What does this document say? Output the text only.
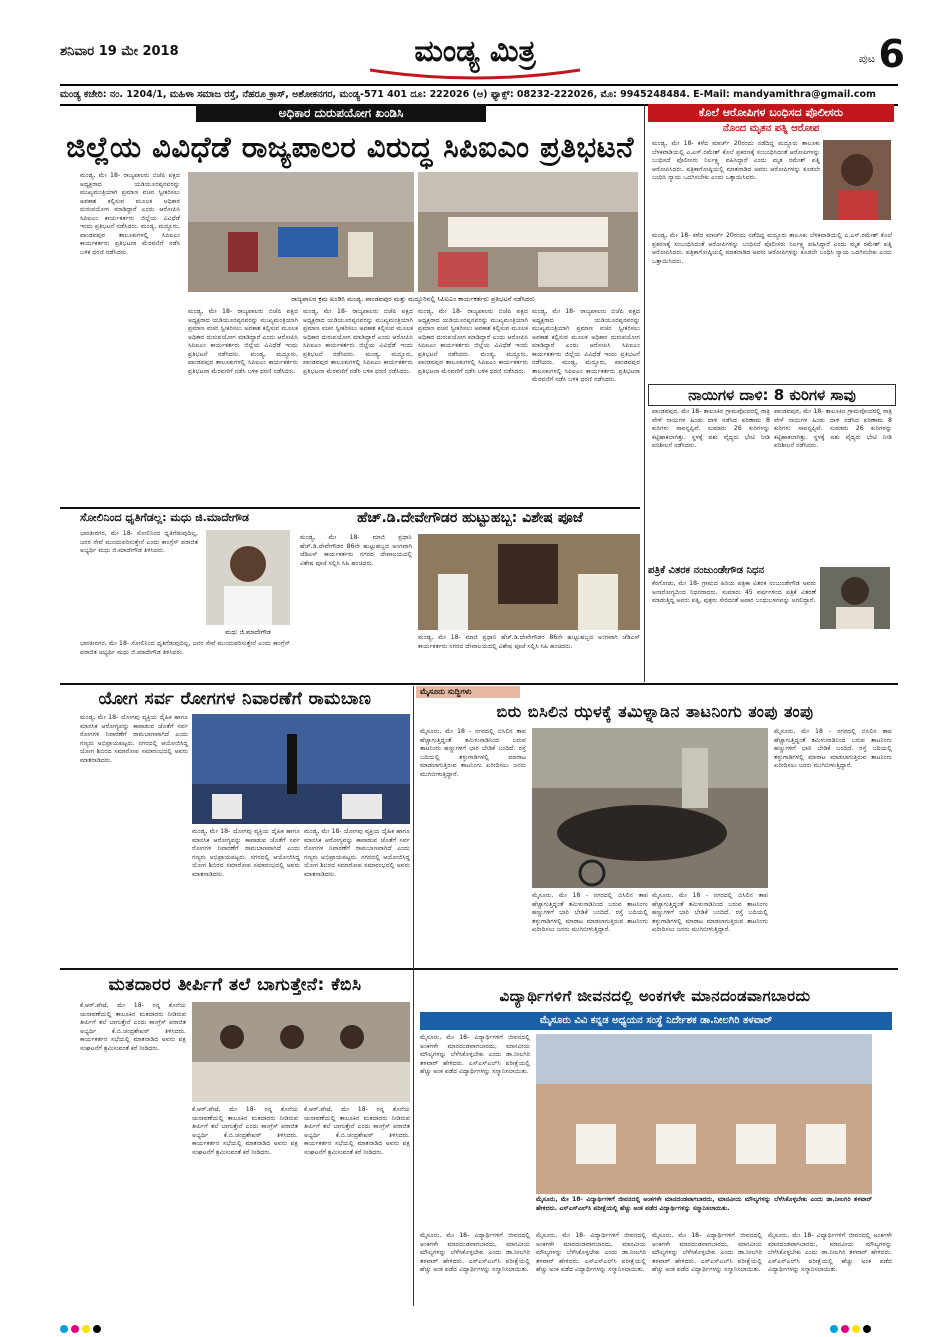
ಶನಿವಾರ 19 ಮೇ 2018	ಮಂಡ್ಯ ಮಿತ್ರ	ಪುಟ 6
ಮಂಡ್ಯ ಕಚೇರಿ: ನಂ. 1204/1, ಮಹಿಳಾ ಸಮಾಜ ರಸ್ತೆ, ನೆಹರೂ ಕ್ರಾಸ್, ಅಶೋಕನಗರ, ಮಂಡ್ಯ-571 401 ದೂ: 222026 (ಆ) ಫ್ಯಾಕ್ಸ್: 08232-222026, ಮೊ: 9945248484. E-Mail: mandyamithra@gmail.com
ಅಧಿಕಾರ ದುರುಪಯೋಗ ಖಂಡಿಸಿ
ಜಿಲ್ಲೆಯ ವಿವಿಧೆಡೆ ರಾಜ್ಯಪಾಲರ ವಿರುದ್ಧ ಸಿಪಿಐಎಂ ಪ್ರತಿಭಟನೆ
ಮಂಡ್ಯ, ಮೇ 18- ರಾಜ್ಯಪಾಲರು ಬಿಜೆಪಿ ಪಕ್ಷದ ಅಧ್ಯಕ್ಷರಾದ ಯಡಿಯೂರಪ್ಪನವರನ್ನು ಮುಖ್ಯಮಂತ್ರಿಯಾಗಿ ಪ್ರಮಾಣ ವಚನ ಸ್ವೀಕರಿಸಲು ಅವಕಾಶ ಕಲ್ಪಿಸುವ ಮೂಲಕ ಅಧಿಕಾರ ದುರುಪಯೋಗ ಮಾಡಿದ್ದಾರೆ ಎಂದು ಆರೋಪಿಸಿ ಸಿಪಿಐಎಂ ಕಾರ್ಯಕರ್ತರು ಜಿಲ್ಲೆಯ ವಿವಿಧೆಡೆ ಇಂದು ಪ್ರತಿಭಟನೆ ನಡೆಸಿದರು. ಮಂಡ್ಯ, ಮದ್ದೂರು, ಪಾಂಡವಪುರ ತಾಲೂಕುಗಳಲ್ಲಿ ಸಿಪಿಐಎಂ ಕಾರ್ಯಕರ್ತರು ಪ್ರತಿಭಟನಾ ಮೆರವಣಿಗೆ ನಡೆಸಿ ಬಳಿಕ ಧರಣಿ ನಡೆಸಿದರು.
ರಾಜ್ಯಪಾಲರ ಕ್ರಮ ಖಂಡಿಸಿ ಮಂಡ್ಯ, ಪಾಂಡವಪುರ ಮತ್ತು ಮದ್ದೂರಿನಲ್ಲಿ ಸಿಪಿಐಎಂ ಕಾರ್ಯಕರ್ತರು ಪ್ರತಿಭಟನೆ ನಡೆಸಿದರು
ಮಂಡ್ಯ, ಮೇ 18- ರಾಜ್ಯಪಾಲರು ಬಿಜೆಪಿ ಪಕ್ಷದ ಅಧ್ಯಕ್ಷರಾದ ಯಡಿಯೂರಪ್ಪನವರನ್ನು ಮುಖ್ಯಮಂತ್ರಿಯಾಗಿ ಪ್ರಮಾಣ ವಚನ ಸ್ವೀಕರಿಸಲು ಅವಕಾಶ ಕಲ್ಪಿಸುವ ಮೂಲಕ ಅಧಿಕಾರ ದುರುಪಯೋಗ ಮಾಡಿದ್ದಾರೆ ಎಂದು ಆರೋಪಿಸಿ ಸಿಪಿಐಎಂ ಕಾರ್ಯಕರ್ತರು ಜಿಲ್ಲೆಯ ವಿವಿಧೆಡೆ ಇಂದು ಪ್ರತಿಭಟನೆ ನಡೆಸಿದರು. ಮಂಡ್ಯ, ಮದ್ದೂರು, ಪಾಂಡವಪುರ ತಾಲೂಕುಗಳಲ್ಲಿ ಸಿಪಿಐಎಂ ಕಾರ್ಯಕರ್ತರು ಪ್ರತಿಭಟನಾ ಮೆರವಣಿಗೆ ನಡೆಸಿ ಬಳಿಕ ಧರಣಿ ನಡೆಸಿದರು.
ಮಂಡ್ಯ, ಮೇ 18- ರಾಜ್ಯಪಾಲರು ಬಿಜೆಪಿ ಪಕ್ಷದ ಅಧ್ಯಕ್ಷರಾದ ಯಡಿಯೂರಪ್ಪನವರನ್ನು ಮುಖ್ಯಮಂತ್ರಿಯಾಗಿ ಪ್ರಮಾಣ ವಚನ ಸ್ವೀಕರಿಸಲು ಅವಕಾಶ ಕಲ್ಪಿಸುವ ಮೂಲಕ ಅಧಿಕಾರ ದುರುಪಯೋಗ ಮಾಡಿದ್ದಾರೆ ಎಂದು ಆರೋಪಿಸಿ ಸಿಪಿಐಎಂ ಕಾರ್ಯಕರ್ತರು ಜಿಲ್ಲೆಯ ವಿವಿಧೆಡೆ ಇಂದು ಪ್ರತಿಭಟನೆ ನಡೆಸಿದರು. ಮಂಡ್ಯ, ಮದ್ದೂರು, ಪಾಂಡವಪುರ ತಾಲೂಕುಗಳಲ್ಲಿ ಸಿಪಿಐಎಂ ಕಾರ್ಯಕರ್ತರು ಪ್ರತಿಭಟನಾ ಮೆರವಣಿಗೆ ನಡೆಸಿ ಬಳಿಕ ಧರಣಿ ನಡೆಸಿದರು.
ಮಂಡ್ಯ, ಮೇ 18- ರಾಜ್ಯಪಾಲರು ಬಿಜೆಪಿ ಪಕ್ಷದ ಅಧ್ಯಕ್ಷರಾದ ಯಡಿಯೂರಪ್ಪನವರನ್ನು ಮುಖ್ಯಮಂತ್ರಿಯಾಗಿ ಪ್ರಮಾಣ ವಚನ ಸ್ವೀಕರಿಸಲು ಅವಕಾಶ ಕಲ್ಪಿಸುವ ಮೂಲಕ ಅಧಿಕಾರ ದುರುಪಯೋಗ ಮಾಡಿದ್ದಾರೆ ಎಂದು ಆರೋಪಿಸಿ ಸಿಪಿಐಎಂ ಕಾರ್ಯಕರ್ತರು ಜಿಲ್ಲೆಯ ವಿವಿಧೆಡೆ ಇಂದು ಪ್ರತಿಭಟನೆ ನಡೆಸಿದರು. ಮಂಡ್ಯ, ಮದ್ದೂರು, ಪಾಂಡವಪುರ ತಾಲೂಕುಗಳಲ್ಲಿ ಸಿಪಿಐಎಂ ಕಾರ್ಯಕರ್ತರು ಪ್ರತಿಭಟನಾ ಮೆರವಣಿಗೆ ನಡೆಸಿ ಬಳಿಕ ಧರಣಿ ನಡೆಸಿದರು.
ಮಂಡ್ಯ, ಮೇ 18- ರಾಜ್ಯಪಾಲರು ಬಿಜೆಪಿ ಪಕ್ಷದ ಅಧ್ಯಕ್ಷರಾದ ಯಡಿಯೂರಪ್ಪನವರನ್ನು ಮುಖ್ಯಮಂತ್ರಿಯಾಗಿ ಪ್ರಮಾಣ ವಚನ ಸ್ವೀಕರಿಸಲು ಅವಕಾಶ ಕಲ್ಪಿಸುವ ಮೂಲಕ ಅಧಿಕಾರ ದುರುಪಯೋಗ ಮಾಡಿದ್ದಾರೆ ಎಂದು ಆರೋಪಿಸಿ ಸಿಪಿಐಎಂ ಕಾರ್ಯಕರ್ತರು ಜಿಲ್ಲೆಯ ವಿವಿಧೆಡೆ ಇಂದು ಪ್ರತಿಭಟನೆ ನಡೆಸಿದರು. ಮಂಡ್ಯ, ಮದ್ದೂರು, ಪಾಂಡವಪುರ ತಾಲೂಕುಗಳಲ್ಲಿ ಸಿಪಿಐಎಂ ಕಾರ್ಯಕರ್ತರು ಪ್ರತಿಭಟನಾ ಮೆರವಣಿಗೆ ನಡೆಸಿ ಬಳಿಕ ಧರಣಿ ನಡೆಸಿದರು.
ಕೊಲೆ ಆರೋಪಿಗಳ ಬಂಧಿಸದ ಪೊಲೀಸರು
ನೊಂದ ಮೃತನ ಪತ್ನಿ ಆರೋಪ
ಮಂಡ್ಯ, ಮೇ 18- ಕಳೆದ ಮಾರ್ಚ್ 20ರಂದು ನಡೆದಿದ್ದ ಮದ್ದೂರು ತಾಲೂಕು ಬೆಳಕವಾಡಿಯಲ್ಲಿ ಎ.ಎಸ್.ರಮೇಶ್ ಕೊಲೆ ಪ್ರಕರಣಕ್ಕೆ ಸಂಬಂಧಿಸಿದಂತೆ ಆರೋಪಿಗಳನ್ನು ಬಂಧಿಸದೆ ಪೊಲೀಸರು ನಿರ್ಲಕ್ಷ್ಯ ವಹಿಸಿದ್ದಾರೆ ಎಂದು ಮೃತ ರಮೇಶ್ ಪತ್ನಿ ಆರೋಪಿಸಿದರು. ಪತ್ರಿಕಾಗೋಷ್ಠಿಯಲ್ಲಿ ಮಾತನಾಡಿದ ಅವರು ಆರೋಪಿಗಳನ್ನು ಕೂಡಲೇ ಬಂಧಿಸಿ ನ್ಯಾಯ ಒದಗಿಸಬೇಕು ಎಂದು ಒತ್ತಾಯಿಸಿದರು.
ಮಂಡ್ಯ, ಮೇ 18- ಕಳೆದ ಮಾರ್ಚ್ 20ರಂದು ನಡೆದಿದ್ದ ಮದ್ದೂರು ತಾಲೂಕು ಬೆಳಕವಾಡಿಯಲ್ಲಿ ಎ.ಎಸ್.ರಮೇಶ್ ಕೊಲೆ ಪ್ರಕರಣಕ್ಕೆ ಸಂಬಂಧಿಸಿದಂತೆ ಆರೋಪಿಗಳನ್ನು ಬಂಧಿಸದೆ ಪೊಲೀಸರು ನಿರ್ಲಕ್ಷ್ಯ ವಹಿಸಿದ್ದಾರೆ ಎಂದು ಮೃತ ರಮೇಶ್ ಪತ್ನಿ ಆರೋಪಿಸಿದರು. ಪತ್ರಿಕಾಗೋಷ್ಠಿಯಲ್ಲಿ ಮಾತನಾಡಿದ ಅವರು ಆರೋಪಿಗಳನ್ನು ಕೂಡಲೇ ಬಂಧಿಸಿ ನ್ಯಾಯ ಒದಗಿಸಬೇಕು ಎಂದು ಒತ್ತಾಯಿಸಿದರು.
ನಾಯಿಗಳ ದಾಳಿ: 8 ಕುರಿಗಳ ಸಾವು
ಪಾಂಡವಪುರ, ಮೇ 18- ತಾಲೂಕಿನ ಗ್ರಾಮವೊಂದರಲ್ಲಿ ರಾತ್ರಿ ವೇಳೆ ನಾಯಿಗಳ ಹಿಂಡು ದಾಳಿ ನಡೆಸಿದ ಪರಿಣಾಮ 8 ಕುರಿಗಳು ಸಾವನ್ನಪ್ಪಿವೆ. ಸುಮಾರು 26 ಕುರಿಗಳನ್ನು ಕಟ್ಟಿಹಾಕಲಾಗಿತ್ತು. ಸ್ಥಳಕ್ಕೆ ಪಶು ವೈದ್ಯರು ಭೇಟಿ ನೀಡಿ ಪರಿಶೀಲನೆ ನಡೆಸಿದರು.
ಪಾಂಡವಪುರ, ಮೇ 18- ತಾಲೂಕಿನ ಗ್ರಾಮವೊಂದರಲ್ಲಿ ರಾತ್ರಿ ವೇಳೆ ನಾಯಿಗಳ ಹಿಂಡು ದಾಳಿ ನಡೆಸಿದ ಪರಿಣಾಮ 8 ಕುರಿಗಳು ಸಾವನ್ನಪ್ಪಿವೆ. ಸುಮಾರು 26 ಕುರಿಗಳನ್ನು ಕಟ್ಟಿಹಾಕಲಾಗಿತ್ತು. ಸ್ಥಳಕ್ಕೆ ಪಶು ವೈದ್ಯರು ಭೇಟಿ ನೀಡಿ ಪರಿಶೀಲನೆ ನಡೆಸಿದರು.
ಪತ್ರಿಕೆ ವಿತರಕ ನಂಜುಂಡೇಗೌಡ ನಿಧನ
ಕೆರಗೋಡು, ಮೇ 18- ಗ್ರಾಮದ ಹಿರಿಯ ಪತ್ರಿಕಾ ವಿತರಕ ನಂಜುಂಡೇಗೌಡ ಅವರು ಅನಾರೋಗ್ಯದಿಂದ ನಿಧನರಾದರು. ಸುಮಾರು 45 ವರ್ಷಗಳಿಂದ ಪತ್ರಿಕೆ ವಿತರಣೆ ಮಾಡುತ್ತಿದ್ದ ಅವರು ಪತ್ನಿ, ಪುತ್ರರು ಸೇರಿದಂತೆ ಅಪಾರ ಬಂಧುಬಳಗವನ್ನು ಅಗಲಿದ್ದಾರೆ.
ಸೋಲಿನಿಂದ ಧೃತಿಗೆಡಲ್ಲ: ಮಧು ಜಿ.ಮಾದೇಗೌಡ
ಭಾರತೀನಗರ, ಮೇ 18- ಸೋಲಿನಿಂದ ಧೃತಿಗೆಡುವುದಿಲ್ಲ, ಜನರ ಸೇವೆ ಮುಂದುವರಿಸುತ್ತೇನೆ ಎಂದು ಕಾಂಗ್ರೆಸ್ ಪರಾಜಿತ ಅಭ್ಯರ್ಥಿ ಮಧು ಜಿ.ಮಾದೇಗೌಡ ತಿಳಿಸಿದರು.
ಮಧು ಜಿ.ಮಾದೇಗೌಡ
ಭಾರತೀನಗರ, ಮೇ 18- ಸೋಲಿನಿಂದ ಧೃತಿಗೆಡುವುದಿಲ್ಲ, ಜನರ ಸೇವೆ ಮುಂದುವರಿಸುತ್ತೇನೆ ಎಂದು ಕಾಂಗ್ರೆಸ್ ಪರಾಜಿತ ಅಭ್ಯರ್ಥಿ ಮಧು ಜಿ.ಮಾದೇಗೌಡ ತಿಳಿಸಿದರು.
ಹೆಚ್.ಡಿ.ದೇವೇಗೌಡರ ಹುಟ್ಟುಹಬ್ಬ: ವಿಶೇಷ ಪೂಜೆ
ಮಂಡ್ಯ, ಮೇ 18- ಮಾಜಿ ಪ್ರಧಾನಿ ಹೆಚ್.ಡಿ.ದೇವೇಗೌಡರ 86ನೇ ಹುಟ್ಟುಹಬ್ಬದ ಅಂಗವಾಗಿ ಜೆಡಿಎಸ್ ಕಾರ್ಯಕರ್ತರು ನಗರದ ದೇವಾಲಯದಲ್ಲಿ ವಿಶೇಷ ಪೂಜೆ ಸಲ್ಲಿಸಿ ಸಿಹಿ ಹಂಚಿದರು.
ಮಂಡ್ಯ, ಮೇ 18- ಮಾಜಿ ಪ್ರಧಾನಿ ಹೆಚ್.ಡಿ.ದೇವೇಗೌಡರ 86ನೇ ಹುಟ್ಟುಹಬ್ಬದ ಅಂಗವಾಗಿ ಜೆಡಿಎಸ್ ಕಾರ್ಯಕರ್ತರು ನಗರದ ದೇವಾಲಯದಲ್ಲಿ ವಿಶೇಷ ಪೂಜೆ ಸಲ್ಲಿಸಿ ಸಿಹಿ ಹಂಚಿದರು.
ಯೋಗ ಸರ್ವ ರೋಗಗಳ ನಿವಾರಣೆಗೆ ರಾಮಬಾಣ
ಮಂಡ್ಯ, ಮೇ 18- ಯೋಗವು ವ್ಯಕ್ತಿಯ ದೈಹಿಕ ಹಾಗೂ ಮಾನಸಿಕ ಆರೋಗ್ಯವನ್ನು ಕಾಪಾಡುವ ಜೊತೆಗೆ ಸರ್ವ ರೋಗಗಳ ನಿವಾರಣೆಗೆ ರಾಮಬಾಣವಾಗಿದೆ ಎಂದು ಗಣ್ಯರು ಅಭಿಪ್ರಾಯಪಟ್ಟರು. ನಗರದಲ್ಲಿ ಆಯೋಜಿಸಿದ್ದ ಯೋಗ ಶಿಬಿರದ ಸಮಾರೋಪ ಸಮಾರಂಭದಲ್ಲಿ ಅವರು ಮಾತನಾಡಿದರು.
ಮಂಡ್ಯ, ಮೇ 18- ಯೋಗವು ವ್ಯಕ್ತಿಯ ದೈಹಿಕ ಹಾಗೂ ಮಾನಸಿಕ ಆರೋಗ್ಯವನ್ನು ಕಾಪಾಡುವ ಜೊತೆಗೆ ಸರ್ವ ರೋಗಗಳ ನಿವಾರಣೆಗೆ ರಾಮಬಾಣವಾಗಿದೆ ಎಂದು ಗಣ್ಯರು ಅಭಿಪ್ರಾಯಪಟ್ಟರು. ನಗರದಲ್ಲಿ ಆಯೋಜಿಸಿದ್ದ ಯೋಗ ಶಿಬಿರದ ಸಮಾರೋಪ ಸಮಾರಂಭದಲ್ಲಿ ಅವರು ಮಾತನಾಡಿದರು.
ಮಂಡ್ಯ, ಮೇ 18- ಯೋಗವು ವ್ಯಕ್ತಿಯ ದೈಹಿಕ ಹಾಗೂ ಮಾನಸಿಕ ಆರೋಗ್ಯವನ್ನು ಕಾಪಾಡುವ ಜೊತೆಗೆ ಸರ್ವ ರೋಗಗಳ ನಿವಾರಣೆಗೆ ರಾಮಬಾಣವಾಗಿದೆ ಎಂದು ಗಣ್ಯರು ಅಭಿಪ್ರಾಯಪಟ್ಟರು. ನಗರದಲ್ಲಿ ಆಯೋಜಿಸಿದ್ದ ಯೋಗ ಶಿಬಿರದ ಸಮಾರೋಪ ಸಮಾರಂಭದಲ್ಲಿ ಅವರು ಮಾತನಾಡಿದರು.
ಮೈಸೂರು ಸುದ್ದಿಗಳು
ಬಿರು ಬಿಸಿಲಿನ ಝಳಕ್ಕೆ ತಮಿಳ್ನಾಡಿನ ತಾಟನಿಂಗು ತಂಪು ತಂಪು
ಮೈಸೂರು, ಮೇ 18 - ನಗರದಲ್ಲಿ ಬಿಸಿಲಿನ ತಾಪ ಹೆಚ್ಚಾಗುತ್ತಿದ್ದಂತೆ ತಮಿಳುನಾಡಿನಿಂದ ಬರುವ ತಾಟನಿಂಗು ಹಣ್ಣುಗಳಿಗೆ ಭಾರಿ ಬೇಡಿಕೆ ಬಂದಿದೆ. ರಸ್ತೆ ಬದಿಯಲ್ಲಿ ತಳ್ಳುಗಾಡಿಗಳಲ್ಲಿ ಮಾರಾಟ ಮಾಡಲಾಗುತ್ತಿರುವ ತಾಟನಿಂಗು ಖರೀದಿಸಲು ಜನರು ಮುಗಿಬೀಳುತ್ತಿದ್ದಾರೆ.
ಮೈಸೂರು, ಮೇ 18 - ನಗರದಲ್ಲಿ ಬಿಸಿಲಿನ ತಾಪ ಹೆಚ್ಚಾಗುತ್ತಿದ್ದಂತೆ ತಮಿಳುನಾಡಿನಿಂದ ಬರುವ ತಾಟನಿಂಗು ಹಣ್ಣುಗಳಿಗೆ ಭಾರಿ ಬೇಡಿಕೆ ಬಂದಿದೆ. ರಸ್ತೆ ಬದಿಯಲ್ಲಿ ತಳ್ಳುಗಾಡಿಗಳಲ್ಲಿ ಮಾರಾಟ ಮಾಡಲಾಗುತ್ತಿರುವ ತಾಟನಿಂಗು ಖರೀದಿಸಲು ಜನರು ಮುಗಿಬೀಳುತ್ತಿದ್ದಾರೆ.
ಮೈಸೂರು, ಮೇ 18 - ನಗರದಲ್ಲಿ ಬಿಸಿಲಿನ ತಾಪ ಹೆಚ್ಚಾಗುತ್ತಿದ್ದಂತೆ ತಮಿಳುನಾಡಿನಿಂದ ಬರುವ ತಾಟನಿಂಗು ಹಣ್ಣುಗಳಿಗೆ ಭಾರಿ ಬೇಡಿಕೆ ಬಂದಿದೆ. ರಸ್ತೆ ಬದಿಯಲ್ಲಿ ತಳ್ಳುಗಾಡಿಗಳಲ್ಲಿ ಮಾರಾಟ ಮಾಡಲಾಗುತ್ತಿರುವ ತಾಟನಿಂಗು ಖರೀದಿಸಲು ಜನರು ಮುಗಿಬೀಳುತ್ತಿದ್ದಾರೆ.
ಮೈಸೂರು, ಮೇ 18 - ನಗರದಲ್ಲಿ ಬಿಸಿಲಿನ ತಾಪ ಹೆಚ್ಚಾಗುತ್ತಿದ್ದಂತೆ ತಮಿಳುನಾಡಿನಿಂದ ಬರುವ ತಾಟನಿಂಗು ಹಣ್ಣುಗಳಿಗೆ ಭಾರಿ ಬೇಡಿಕೆ ಬಂದಿದೆ. ರಸ್ತೆ ಬದಿಯಲ್ಲಿ ತಳ್ಳುಗಾಡಿಗಳಲ್ಲಿ ಮಾರಾಟ ಮಾಡಲಾಗುತ್ತಿರುವ ತಾಟನಿಂಗು ಖರೀದಿಸಲು ಜನರು ಮುಗಿಬೀಳುತ್ತಿದ್ದಾರೆ.
ಮತದಾರರ ತೀರ್ಪಿಗೆ ತಲೆ ಬಾಗುತ್ತೇನೆ: ಕೆಬಿಸಿ
ಕೆ.ಆರ್.ಪೇಟೆ, ಮೇ 18- ನನ್ನ ಕೊನೆಯ ಚುನಾವಣೆಯಲ್ಲಿ ತಾಲೂಕಿನ ಮತದಾರರು ನೀಡಿರುವ ತೀರ್ಪಿಗೆ ತಲೆ ಬಾಗುತ್ತೇನೆ ಎಂದು ಕಾಂಗ್ರೆಸ್ ಪರಾಜಿತ ಅಭ್ಯರ್ಥಿ ಕೆ.ಬಿ.ಚಂದ್ರಶೇಖರ್ ತಿಳಿಸಿದರು. ಕಾರ್ಯಕರ್ತರ ಸಭೆಯಲ್ಲಿ ಮಾತನಾಡಿದ ಅವರು ಪಕ್ಷ ಸಂಘಟನೆಗೆ ಶ್ರಮಿಸುವಂತೆ ಕರೆ ನೀಡಿದರು.
ಕೆ.ಆರ್.ಪೇಟೆ, ಮೇ 18- ನನ್ನ ಕೊನೆಯ ಚುನಾವಣೆಯಲ್ಲಿ ತಾಲೂಕಿನ ಮತದಾರರು ನೀಡಿರುವ ತೀರ್ಪಿಗೆ ತಲೆ ಬಾಗುತ್ತೇನೆ ಎಂದು ಕಾಂಗ್ರೆಸ್ ಪರಾಜಿತ ಅಭ್ಯರ್ಥಿ ಕೆ.ಬಿ.ಚಂದ್ರಶೇಖರ್ ತಿಳಿಸಿದರು. ಕಾರ್ಯಕರ್ತರ ಸಭೆಯಲ್ಲಿ ಮಾತನಾಡಿದ ಅವರು ಪಕ್ಷ ಸಂಘಟನೆಗೆ ಶ್ರಮಿಸುವಂತೆ ಕರೆ ನೀಡಿದರು.
ಕೆ.ಆರ್.ಪೇಟೆ, ಮೇ 18- ನನ್ನ ಕೊನೆಯ ಚುನಾವಣೆಯಲ್ಲಿ ತಾಲೂಕಿನ ಮತದಾರರು ನೀಡಿರುವ ತೀರ್ಪಿಗೆ ತಲೆ ಬಾಗುತ್ತೇನೆ ಎಂದು ಕಾಂಗ್ರೆಸ್ ಪರಾಜಿತ ಅಭ್ಯರ್ಥಿ ಕೆ.ಬಿ.ಚಂದ್ರಶೇಖರ್ ತಿಳಿಸಿದರು. ಕಾರ್ಯಕರ್ತರ ಸಭೆಯಲ್ಲಿ ಮಾತನಾಡಿದ ಅವರು ಪಕ್ಷ ಸಂಘಟನೆಗೆ ಶ್ರಮಿಸುವಂತೆ ಕರೆ ನೀಡಿದರು.
ವಿದ್ಯಾರ್ಥಿಗಳಿಗೆ ಜೀವನದಲ್ಲಿ ಅಂಕಗಳೇ ಮಾನದಂಡವಾಗಬಾರದು
ಮೈಸೂರು ವಿವಿ ಕನ್ನಡ ಅಧ್ಯಯನ ಸಂಸ್ಥೆ ನಿರ್ದೇಶಕ ಡಾ.ನೀಲಗಿರಿ ತಳವಾರ್
ಮೈಸೂರು, ಮೇ 18- ವಿದ್ಯಾರ್ಥಿಗಳಿಗೆ ಜೀವನದಲ್ಲಿ ಅಂಕಗಳೇ ಮಾನದಂಡವಾಗಬಾರದು, ಮಾನವೀಯ ಮೌಲ್ಯಗಳನ್ನು ಬೆಳೆಸಿಕೊಳ್ಳಬೇಕು ಎಂದು ಡಾ.ನೀಲಗಿರಿ ತಳವಾರ್ ಹೇಳಿದರು. ಎಸ್ಎಸ್ಎಲ್‌ಸಿ ಪರೀಕ್ಷೆಯಲ್ಲಿ ಹೆಚ್ಚು ಅಂಕ ಪಡೆದ ವಿದ್ಯಾರ್ಥಿಗಳನ್ನು ಸನ್ಮಾನಿಸಲಾಯಿತು.
ಮೈಸೂರು, ಮೇ 18- ವಿದ್ಯಾರ್ಥಿಗಳಿಗೆ ಜೀವನದಲ್ಲಿ ಅಂಕಗಳೇ ಮಾನದಂಡವಾಗಬಾರದು, ಮಾನವೀಯ ಮೌಲ್ಯಗಳನ್ನು ಬೆಳೆಸಿಕೊಳ್ಳಬೇಕು ಎಂದು ಡಾ.ನೀಲಗಿರಿ ತಳವಾರ್ ಹೇಳಿದರು. ಎಸ್ಎಸ್ಎಲ್‌ಸಿ ಪರೀಕ್ಷೆಯಲ್ಲಿ ಹೆಚ್ಚು ಅಂಕ ಪಡೆದ ವಿದ್ಯಾರ್ಥಿಗಳನ್ನು ಸನ್ಮಾನಿಸಲಾಯಿತು.
ಮೈಸೂರು, ಮೇ 18- ವಿದ್ಯಾರ್ಥಿಗಳಿಗೆ ಜೀವನದಲ್ಲಿ ಅಂಕಗಳೇ ಮಾನದಂಡವಾಗಬಾರದು, ಮಾನವೀಯ ಮೌಲ್ಯಗಳನ್ನು ಬೆಳೆಸಿಕೊಳ್ಳಬೇಕು ಎಂದು ಡಾ.ನೀಲಗಿರಿ ತಳವಾರ್ ಹೇಳಿದರು. ಎಸ್ಎಸ್ಎಲ್‌ಸಿ ಪರೀಕ್ಷೆಯಲ್ಲಿ ಹೆಚ್ಚು ಅಂಕ ಪಡೆದ ವಿದ್ಯಾರ್ಥಿಗಳನ್ನು ಸನ್ಮಾನಿಸಲಾಯಿತು.
ಮೈಸೂರು, ಮೇ 18- ವಿದ್ಯಾರ್ಥಿಗಳಿಗೆ ಜೀವನದಲ್ಲಿ ಅಂಕಗಳೇ ಮಾನದಂಡವಾಗಬಾರದು, ಮಾನವೀಯ ಮೌಲ್ಯಗಳನ್ನು ಬೆಳೆಸಿಕೊಳ್ಳಬೇಕು ಎಂದು ಡಾ.ನೀಲಗಿರಿ ತಳವಾರ್ ಹೇಳಿದರು. ಎಸ್ಎಸ್ಎಲ್‌ಸಿ ಪರೀಕ್ಷೆಯಲ್ಲಿ ಹೆಚ್ಚು ಅಂಕ ಪಡೆದ ವಿದ್ಯಾರ್ಥಿಗಳನ್ನು ಸನ್ಮಾನಿಸಲಾಯಿತು.
ಮೈಸೂರು, ಮೇ 18- ವಿದ್ಯಾರ್ಥಿಗಳಿಗೆ ಜೀವನದಲ್ಲಿ ಅಂಕಗಳೇ ಮಾನದಂಡವಾಗಬಾರದು, ಮಾನವೀಯ ಮೌಲ್ಯಗಳನ್ನು ಬೆಳೆಸಿಕೊಳ್ಳಬೇಕು ಎಂದು ಡಾ.ನೀಲಗಿರಿ ತಳವಾರ್ ಹೇಳಿದರು. ಎಸ್ಎಸ್ಎಲ್‌ಸಿ ಪರೀಕ್ಷೆಯಲ್ಲಿ ಹೆಚ್ಚು ಅಂಕ ಪಡೆದ ವಿದ್ಯಾರ್ಥಿಗಳನ್ನು ಸನ್ಮಾನಿಸಲಾಯಿತು.
ಮೈಸೂರು, ಮೇ 18- ವಿದ್ಯಾರ್ಥಿಗಳಿಗೆ ಜೀವನದಲ್ಲಿ ಅಂಕಗಳೇ ಮಾನದಂಡವಾಗಬಾರದು, ಮಾನವೀಯ ಮೌಲ್ಯಗಳನ್ನು ಬೆಳೆಸಿಕೊಳ್ಳಬೇಕು ಎಂದು ಡಾ.ನೀಲಗಿರಿ ತಳವಾರ್ ಹೇಳಿದರು. ಎಸ್ಎಸ್ಎಲ್‌ಸಿ ಪರೀಕ್ಷೆಯಲ್ಲಿ ಹೆಚ್ಚು ಅಂಕ ಪಡೆದ ವಿದ್ಯಾರ್ಥಿಗಳನ್ನು ಸನ್ಮಾನಿಸಲಾಯಿತು.
